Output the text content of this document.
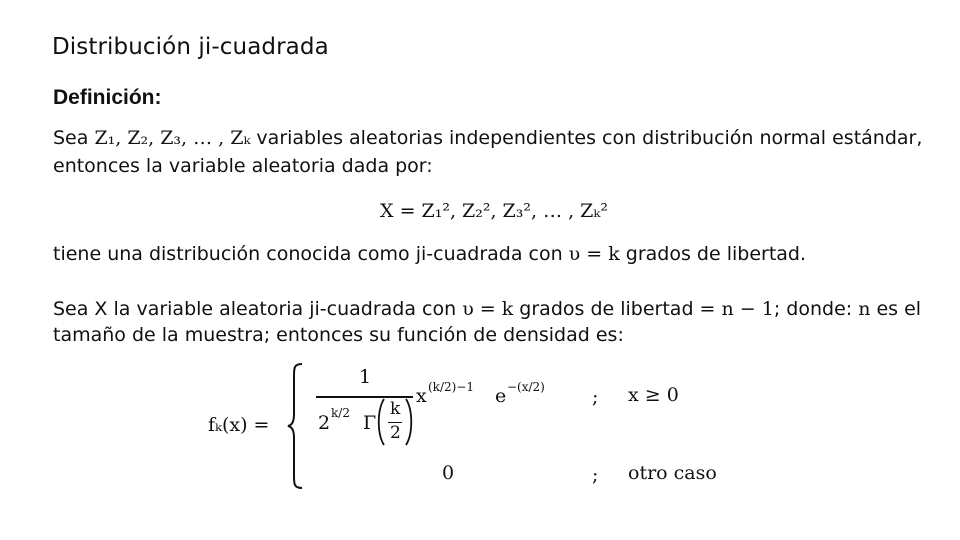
Distribución ji-cuadrada
Definición:
Sea Z₁, Z₂, Z₃, … , Zₖ variables aleatorias independientes con distribución normal estándar,
entonces la variable aleatoria dada por:
X = Z₁², Z₂², Z₃², … , Zₖ²
tiene una distribución conocida como ji-cuadrada con υ = k grados de libertad.
Sea X la variable aleatoria ji-cuadrada con υ = k grados de libertad = n − 1; donde: n es el
tamaño de la muestra; entonces su función de densidad es:
fₖ(x) =
1
2 k/2 Γ
k
2
x (k/2)−1 e −(x/2) ; x ≥ 0
0	; otro caso
